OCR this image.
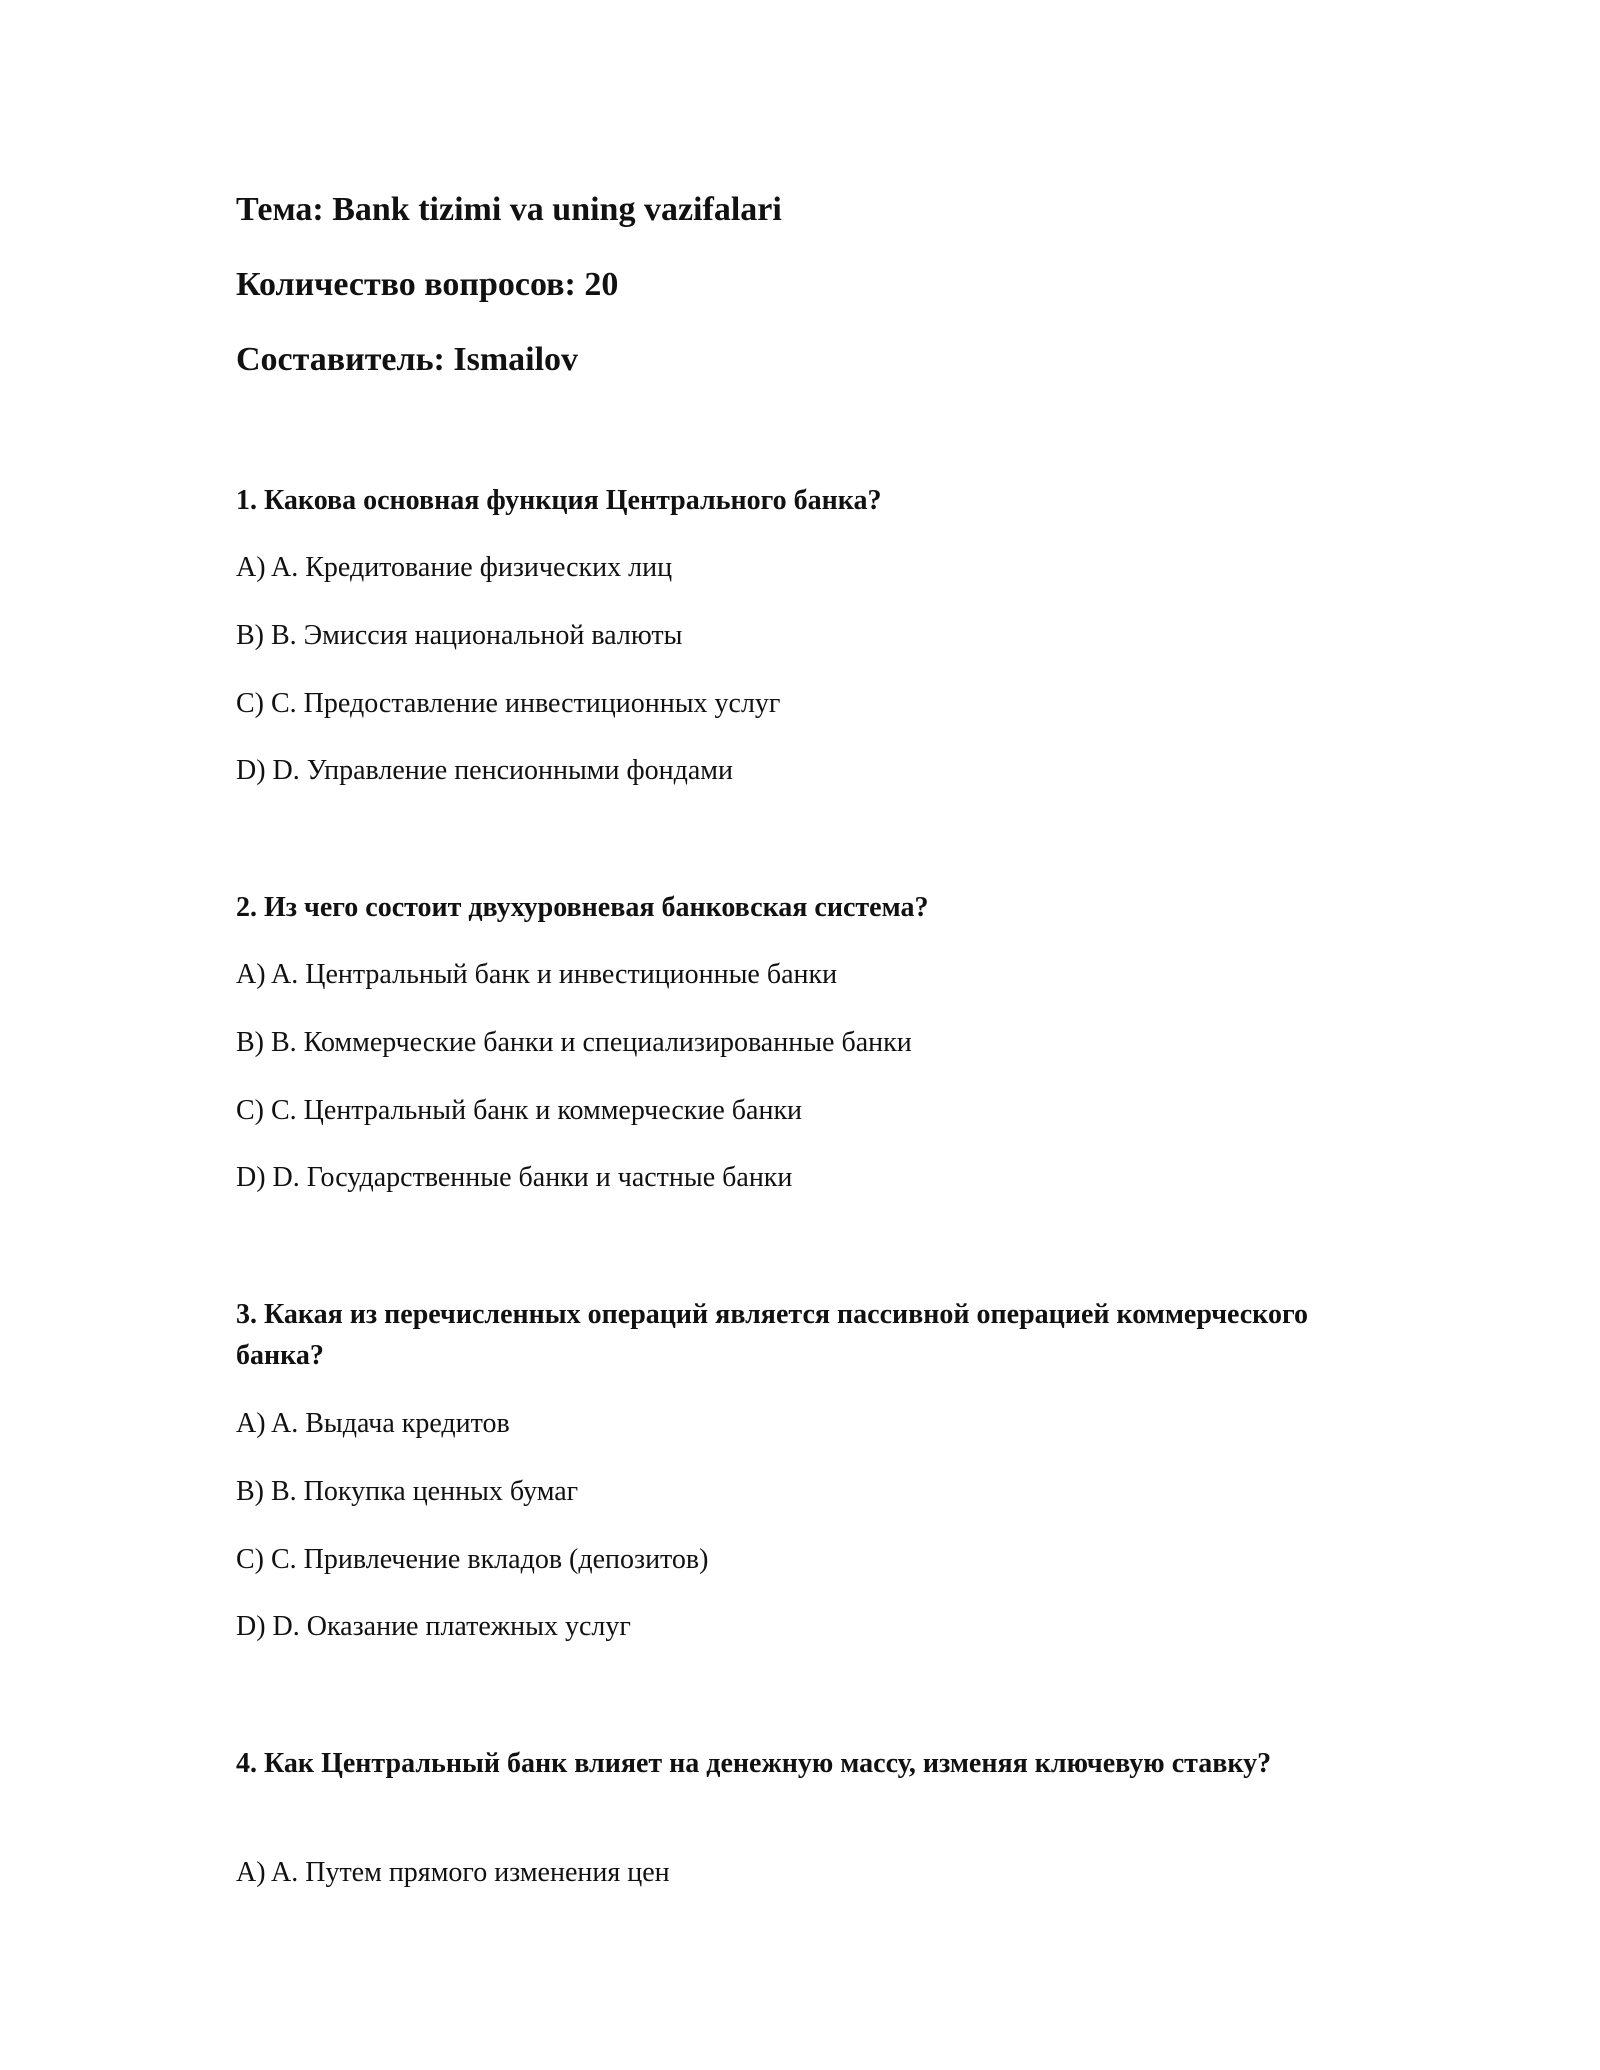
Тема: Bank tizimi va uning vazifalari
Количество вопросов: 20
Составитель: Ismailov
1. Какова основная функция Центрального банка?
A) A. Кредитование физических лиц
B) B. Эмиссия национальной валюты
C) C. Предоставление инвестиционных услуг
D) D. Управление пенсионными фондами
2. Из чего состоит двухуровневая банковская система?
A) A. Центральный банк и инвестиционные банки
B) B. Коммерческие банки и специализированные банки
C) C. Центральный банк и коммерческие банки
D) D. Государственные банки и частные банки
3. Какая из перечисленных операций является пассивной операцией коммерческого банка?
A) A. Выдача кредитов
B) B. Покупка ценных бумаг
C) C. Привлечение вкладов (депозитов)
D) D. Оказание платежных услуг
4. Как Центральный банк влияет на денежную массу, изменяя ключевую ставку?
A) A. Путем прямого изменения цен
